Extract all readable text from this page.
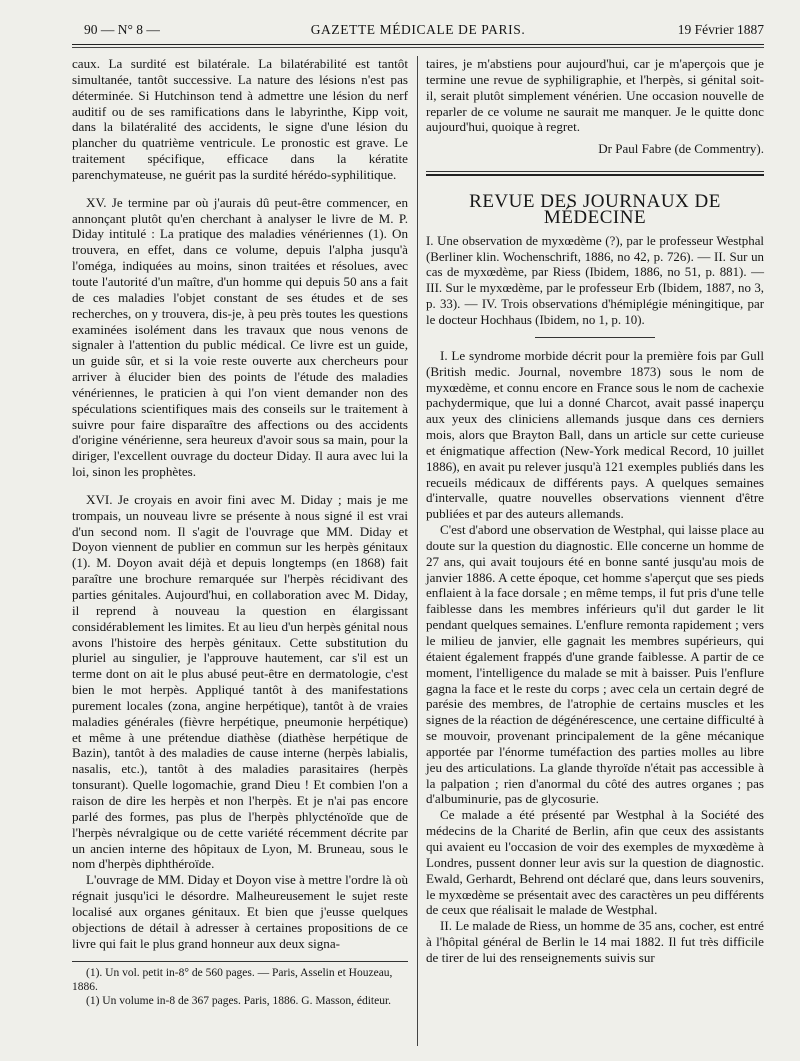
90 — N° 8 —	GAZETTE MÉDICALE DE PARIS.	19 Février 1887

caux. La surdité est bilatérale. La bilatérabilité est tantôt simultanée, tantôt successive. La nature des lésions n'est pas déterminée. Si Hutchinson tend à admettre une lésion du nerf auditif ou de ses ramifications dans le labyrinthe, Kipp voit, dans la bilatéralité des accidents, le signe d'une lésion du plancher du quatrième ventricule. Le pronostic est grave. Le traitement spécifique, efficace dans la kératite parenchymateuse, ne guérit pas la surdité hérédo-syphilitique.

XV. Je termine par où j'aurais dû peut-être commencer, en annonçant plutôt qu'en cherchant à analyser le livre de M. P. Diday intitulé : La pratique des maladies vénériennes (1). On trouvera, en effet, dans ce volume, depuis l'alpha jusqu'à l'oméga, indiquées au moins, sinon traitées et résolues, avec toute l'autorité d'un maître, d'un homme qui depuis 50 ans a fait de ces maladies l'objet constant de ses études et de ses recherches, on y trouvera, dis-je, à peu près toutes les questions examinées isolément dans les travaux que nous venons de signaler à l'attention du public médical. Ce livre est un guide, un guide sûr, et si la voie reste ouverte aux chercheurs pour arriver à élucider bien des points de l'étude des maladies vénériennes, le praticien à qui l'on vient demander non des spéculations scientifiques mais des conseils sur le traitement à suivre pour faire disparaître des affections ou des accidents d'origine vénérienne, sera heureux d'avoir sous sa main, pour la diriger, l'excellent ouvrage du docteur Diday. Il aura avec lui la loi, sinon les prophètes.

XVI. Je croyais en avoir fini avec M. Diday ; mais je me trompais, un nouveau livre se présente à nous signé il est vrai d'un second nom. Il s'agit de l'ouvrage que MM. Diday et Doyon viennent de publier en commun sur les herpès génitaux (1). M. Doyon avait déjà et depuis longtemps (en 1868) fait paraître une brochure remarquée sur l'herpès récidivant des parties génitales. Aujourd'hui, en collaboration avec M. Diday, il reprend à nouveau la question en élargissant considérablement les limites. Et au lieu d'un herpès génital nous avons l'histoire des herpès génitaux. Cette substitution du pluriel au singulier, je l'approuve hautement, car s'il est un terme dont on ait le plus abusé peut-être en dermatologie, c'est bien le mot herpès. Appliqué tantôt à des manifestations purement locales (zona, angine herpétique), tantôt à de vraies maladies générales (fièvre herpétique, pneumonie herpétique) et même à une prétendue diathèse (diathèse herpétique de Bazin), tantôt à des maladies de cause interne (herpès labialis, nasalis, etc.), tantôt à des maladies parasitaires (herpès tonsurant). Quelle logomachie, grand Dieu ! Et combien l'on a raison de dire les herpès et non l'herpès. Et je n'ai pas encore parlé des formes, pas plus de l'herpès phlycténoïde que de l'herpès névralgique ou de cette variété récemment décrite par un ancien interne des hôpitaux de Lyon, M. Bruneau, sous le nom d'herpès diphthéroïde.

L'ouvrage de MM. Diday et Doyon vise à mettre l'ordre là où régnait jusqu'ici le désordre. Malheureusement le sujet reste localisé aux organes génitaux. Et bien que j'eusse quelques objections de détail à adresser à certaines propositions de ce livre qui fait le plus grand honneur aux deux signa-

(1). Un vol. petit in-8° de 560 pages. — Paris, Asselin et Houzeau, 1886.

(1) Un volume in-8 de 367 pages. Paris, 1886. G. Masson, éditeur.

taires, je m'abstiens pour aujourd'hui, car je m'aperçois que je termine une revue de syphiligraphie, et l'herpès, si génital soit-il, serait plutôt simplement vénérien. Une occasion nouvelle de reparler de ce volume ne saurait me manquer. Je le quitte donc aujourd'hui, quoique à regret.

Dr Paul Fabre (de Commentry).
REVUE DES JOURNAUX DE MÉDECINE

I. Une observation de myxœdème (?), par le professeur Westphal (Berliner klin. Wochenschrift, 1886, no 42, p. 726). — II. Sur un cas de myxœdème, par Riess (Ibidem, 1886, no 51, p. 881). — III. Sur le myxœdème, par le professeur Erb (Ibidem, 1887, no 3, p. 33). — IV. Trois observations d'hémiplégie méningitique, par le docteur Hochhaus (Ibidem, no 1, p. 10).

I. Le syndrome morbide décrit pour la première fois par Gull (British medic. Journal, novembre 1873) sous le nom de myxœdème, et connu encore en France sous le nom de cachexie pachydermique, que lui a donné Charcot, avait passé inaperçu aux yeux des cliniciens allemands jusque dans ces derniers mois, alors que Brayton Ball, dans un article sur cette curieuse et énigmatique affection (New-York medical Record, 10 juillet 1886), en avait pu relever jusqu'à 121 exemples publiés dans les recueils médicaux de différents pays. A quelques semaines d'intervalle, quatre nouvelles observations viennent d'être publiées et par des auteurs allemands.

C'est d'abord une observation de Westphal, qui laisse place au doute sur la question du diagnostic. Elle concerne un homme de 27 ans, qui avait toujours été en bonne santé jusqu'au mois de janvier 1886. A cette époque, cet homme s'aperçut que ses pieds enflaient à la face dorsale ; en même temps, il fut pris d'une telle faiblesse dans les membres inférieurs qu'il dut garder le lit pendant quelques semaines. L'enflure remonta rapidement ; vers le milieu de janvier, elle gagnait les membres supérieurs, qui étaient également frappés d'une grande faiblesse. A partir de ce moment, l'intelligence du malade se mit à baisser. Puis l'enflure gagna la face et le reste du corps ; avec cela un certain degré de parésie des membres, de l'atrophie de certains muscles et les signes de la réaction de dégénérescence, une certaine difficulté à se mouvoir, provenant principalement de la gêne mécanique apportée par l'énorme tuméfaction des parties molles au libre jeu des articulations. La glande thyroïde n'était pas accessible à la palpation ; rien d'anormal du côté des autres organes ; pas d'albuminurie, pas de glycosurie.

Ce malade a été présenté par Westphal à la Société des médecins de la Charité de Berlin, afin que ceux des assistants qui avaient eu l'occasion de voir des exemples de myxœdème à Londres, pussent donner leur avis sur la question de diagnostic. Ewald, Gerhardt, Behrend ont déclaré que, dans leurs souvenirs, le myxœdème se présentait avec des caractères un peu différents de ceux que réalisait le malade de Westphal.

II. Le malade de Riess, un homme de 35 ans, cocher, est entré à l'hôpital général de Berlin le 14 mai 1882. Il fut très difficile de tirer de lui des renseignements suivis sur
